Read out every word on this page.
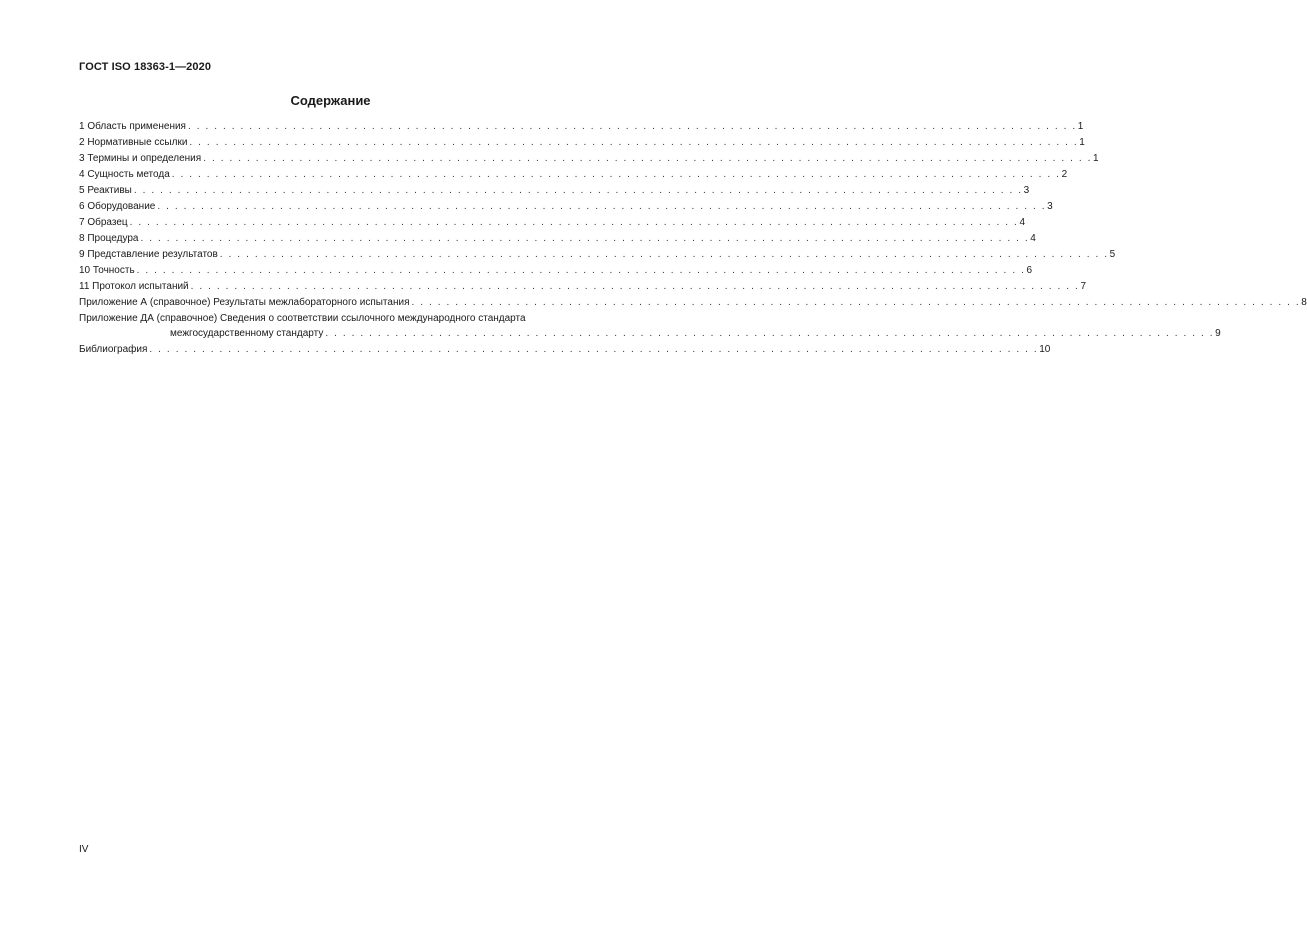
ГОСТ ISO 18363-1—2020
Содержание
1 Область применения . . . . . . . . . . . . . . . . . . . . . . . . . . . . . . . . . . . . . . . . . . . . . . . . . . . . . . . . . . . . . . . . . . . . . . . . . . . . . . . . . . . . . . . . . . . . . . . . . . . . . . 1
2 Нормативные ссылки . . . . . . . . . . . . . . . . . . . . . . . . . . . . . . . . . . . . . . . . . . . . . . . . . . . . . . . . . . . . . . . . . . . . . . . . . . . . . . . . . . . . . . . . . . . . . . . . . . . . . . 1
3 Термины и определения . . . . . . . . . . . . . . . . . . . . . . . . . . . . . . . . . . . . . . . . . . . . . . . . . . . . . . . . . . . . . . . . . . . . . . . . . . . . . . . . . . . . . . . . . . . . . . . . . . . . . . 1
4 Сущность метода . . . . . . . . . . . . . . . . . . . . . . . . . . . . . . . . . . . . . . . . . . . . . . . . . . . . . . . . . . . . . . . . . . . . . . . . . . . . . . . . . . . . . . . . . . . . . . . . . . . . . . 2
5 Реактивы . . . . . . . . . . . . . . . . . . . . . . . . . . . . . . . . . . . . . . . . . . . . . . . . . . . . . . . . . . . . . . . . . . . . . . . . . . . . . . . . . . . . . . . . . . . . . . . . . . . . . . 3
6 Оборудование . . . . . . . . . . . . . . . . . . . . . . . . . . . . . . . . . . . . . . . . . . . . . . . . . . . . . . . . . . . . . . . . . . . . . . . . . . . . . . . . . . . . . . . . . . . . . . . . . . . . . . 3
7 Образец . . . . . . . . . . . . . . . . . . . . . . . . . . . . . . . . . . . . . . . . . . . . . . . . . . . . . . . . . . . . . . . . . . . . . . . . . . . . . . . . . . . . . . . . . . . . . . . . . . . . . . 4
8 Процедура . . . . . . . . . . . . . . . . . . . . . . . . . . . . . . . . . . . . . . . . . . . . . . . . . . . . . . . . . . . . . . . . . . . . . . . . . . . . . . . . . . . . . . . . . . . . . . . . . . . . . . 4
9 Представление результатов . . . . . . . . . . . . . . . . . . . . . . . . . . . . . . . . . . . . . . . . . . . . . . . . . . . . . . . . . . . . . . . . . . . . . . . . . . . . . . . . . . . . . . . . . . . . . . . . . . . . . . 5
10 Точность . . . . . . . . . . . . . . . . . . . . . . . . . . . . . . . . . . . . . . . . . . . . . . . . . . . . . . . . . . . . . . . . . . . . . . . . . . . . . . . . . . . . . . . . . . . . . . . . . . . . . . 6
11 Протокол испытаний . . . . . . . . . . . . . . . . . . . . . . . . . . . . . . . . . . . . . . . . . . . . . . . . . . . . . . . . . . . . . . . . . . . . . . . . . . . . . . . . . . . . . . . . . . . . . . . . . . . . . . 7
Приложение А (справочное) Результаты межлабораторного испытания . . . . . . . . . . . . . . . . . . . . . . . . . . . . . . . . . . . . . . . . . . . . . . . . . . . . . . . . . . . . . . . . . . . . . . . . . . . . . . . . . . . . . . . . . . . . . . . . . . . . . . 8
Приложение ДА (справочное) Сведения о соответствии ссылочного международного стандарта
межгосударственному стандарту . . . . . . . . . . . . . . . . . . . . . . . . . . . . . . . . . . . . . . . . . . . . . . . . . . . . . . . . . . . . . . . . . . . . . . . . . . . . . . . . . . . . . . . . . . . . . . . . . . . . . . 9
Библиография . . . . . . . . . . . . . . . . . . . . . . . . . . . . . . . . . . . . . . . . . . . . . . . . . . . . . . . . . . . . . . . . . . . . . . . . . . . . . . . . . . . . . . . . . . . . . . . . . . . . . . 10
IV
